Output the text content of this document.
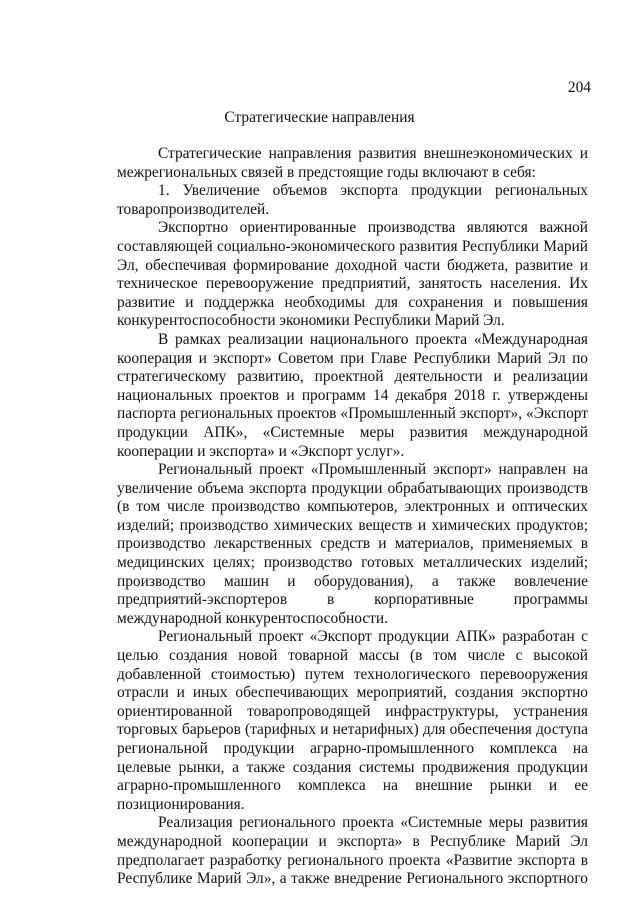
204
Стратегические направления

Стратегические направления развития внешнеэкономических и межрегиональных связей в предстоящие годы включают в себя:

1. Увеличение объемов экспорта продукции региональных товаропроизводителей.

Экспортно ориентированные производства являются важной составляющей социально-экономического развития Республики Марий Эл, обеспечивая формирование доходной части бюджета, развитие и техническое перевооружение предприятий, занятость населения. Их развитие и поддержка необходимы для сохранения и повышения конкурентоспособности экономики Республики Марий Эл.

В рамках реализации национального проекта «Международная кооперация и экспорт» Советом при Главе Республики Марий Эл по стратегическому развитию, проектной деятельности и реализации национальных проектов и программ 14 декабря 2018 г. утверждены паспорта региональных проектов «Промышленный экспорт», «Экспорт продукции АПК», «Системные меры развития международной кооперации и экспорта» и «Экспорт услуг».

Региональный проект «Промышленный экспорт» направлен на увеличение объема экспорта продукции обрабатывающих производств (в том числе производство компьютеров, электронных и оптических изделий; производство химических веществ и химических продуктов; производство лекарственных средств и материалов, применяемых в медицинских целях; производство готовых металлических изделий; производство машин и оборудования), а также вовлечение предприятий-экспортеров в корпоративные программы международной конкурентоспособности.

Региональный проект «Экспорт продукции АПК» разработан с целью создания новой товарной массы (в том числе с высокой добавленной стоимостью) путем технологического перевооружения отрасли и иных обеспечивающих мероприятий, создания экспортно ориентированной товаропроводящей инфраструктуры, устранения торговых барьеров (тарифных и нетарифных) для обеспечения доступа региональной продукции аграрно-промышленного комплекса на целевые рынки, а также создания системы продвижения продукции аграрно-промышленного комплекса на внешние рынки и ее позиционирования.

Реализация регионального проекта «Системные меры развития международной кооперации и экспорта» в Республике Марий Эл предполагает разработку регионального проекта «Развитие экспорта в Республике Марий Эл», а также внедрение Регионального экспортного
